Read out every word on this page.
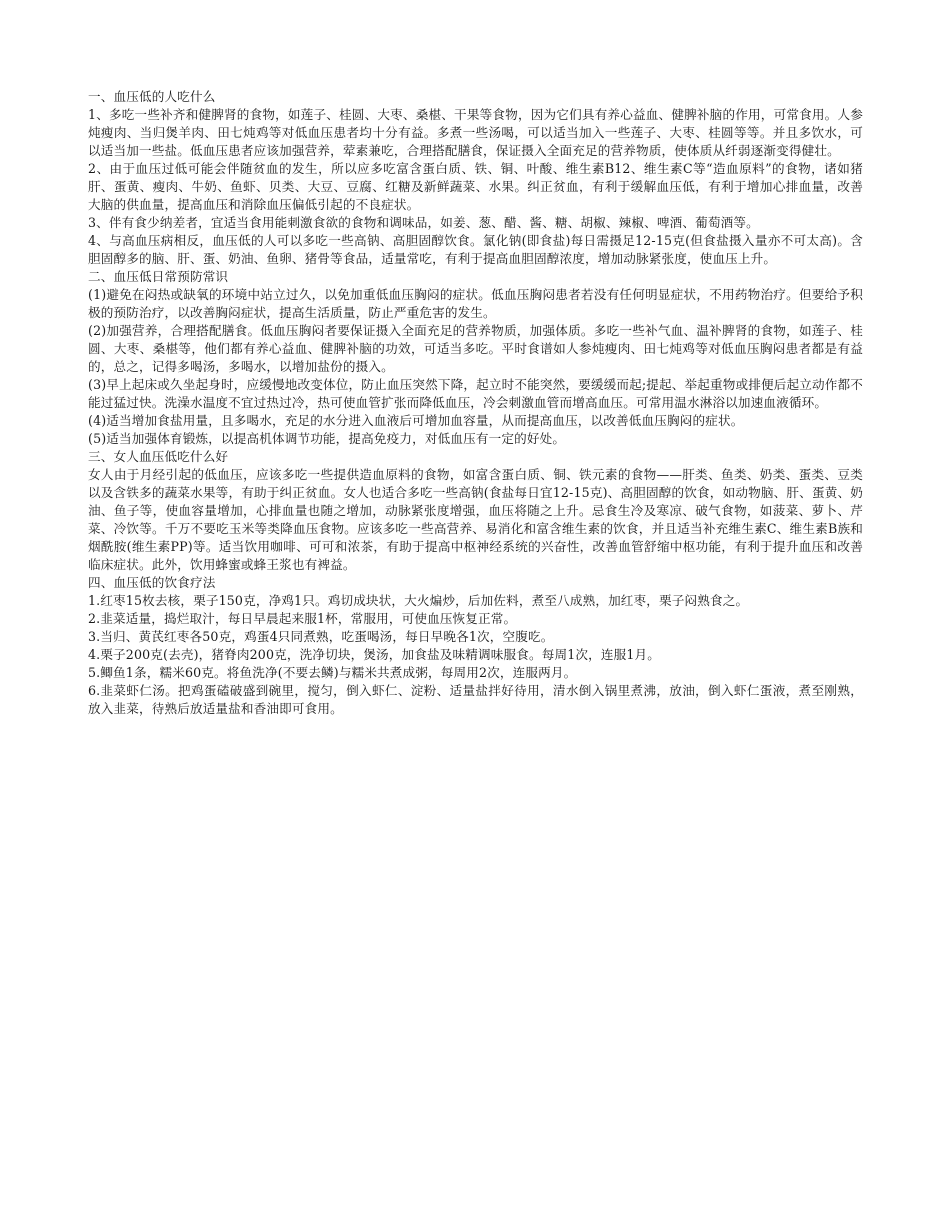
一、血压低的人吃什么

1、多吃一些补齐和健脾肾的食物，如莲子、桂圆、大枣、桑椹、干果等食物，因为它们具有养心益血、健脾补脑的作用，可常食用。人参炖瘦肉、当归煲羊肉、田七炖鸡等对低血压患者均十分有益。多煮一些汤喝，可以适当加入一些莲子、大枣、桂圆等等。并且多饮水，可以适当加一些盐。低血压患者应该加强营养，荤素兼吃，合理搭配膳食，保证摄入全面充足的营养物质，使体质从纤弱逐渐变得健壮。

2、由于血压过低可能会伴随贫血的发生，所以应多吃富含蛋白质、铁、铜、叶酸、维生素B12、维生素C等“造血原料”的食物，诸如猪肝、蛋黄、瘦肉、牛奶、鱼虾、贝类、大豆、豆腐、红糖及新鲜蔬菜、水果。纠正贫血，有利于缓解血压低，有利于增加心排血量，改善大脑的供血量，提高血压和消除血压偏低引起的不良症状。

3、伴有食少纳差者，宜适当食用能刺激食欲的食物和调味品，如姜、葱、醋、酱、糖、胡椒、辣椒、啤酒、葡萄酒等。

4、与高血压病相反，血压低的人可以多吃一些高钠、高胆固醇饮食。氯化钠(即食盐)每日需摄足12-15克(但食盐摄入量亦不可太高)。含胆固醇多的脑、肝、蛋、奶油、鱼卵、猪骨等食品，适量常吃，有利于提高血胆固醇浓度，增加动脉紧张度，使血压上升。

二、血压低日常预防常识

(1)避免在闷热或缺氧的环境中站立过久，以免加重低血压胸闷的症状。低血压胸闷患者若没有任何明显症状，不用药物治疗。但要给予积极的预防治疗，以改善胸闷症状，提高生活质量，防止严重危害的发生。

(2)加强营养，合理搭配膳食。低血压胸闷者要保证摄入全面充足的营养物质，加强体质。多吃一些补气血、温补脾肾的食物，如莲子、桂圆、大枣、桑椹等，他们都有养心益血、健脾补脑的功效，可适当多吃。平时食谱如人参炖瘦肉、田七炖鸡等对低血压胸闷患者都是有益的，总之，记得多喝汤，多喝水，以增加盐份的摄入。

(3)早上起床或久坐起身时，应缓慢地改变体位，防止血压突然下降，起立时不能突然，要缓缓而起;提起、举起重物或排便后起立动作都不能过猛过快。洗澡水温度不宜过热过冷，热可使血管扩张而降低血压，冷会刺激血管而增高血压。可常用温水淋浴以加速血液循环。

(4)适当增加食盐用量，且多喝水，充足的水分进入血液后可增加血容量，从而提高血压，以改善低血压胸闷的症状。

(5)适当加强体育锻炼，以提高机体调节功能，提高免疫力，对低血压有一定的好处。

三、女人血压低吃什么好

女人由于月经引起的低血压，应该多吃一些提供造血原料的食物，如富含蛋白质、铜、铁元素的食物——肝类、鱼类、奶类、蛋类、豆类以及含铁多的蔬菜水果等，有助于纠正贫血。女人也适合多吃一些高钠(食盐每日宜12-15克)、高胆固醇的饮食，如动物脑、肝、蛋黄、奶油、鱼子等，使血容量增加，心排血量也随之增加，动脉紧张度增强，血压将随之上升。忌食生冷及寒凉、破气食物，如菠菜、萝卜、芹菜、冷饮等。千万不要吃玉米等类降血压食物。应该多吃一些高营养、易消化和富含维生素的饮食，并且适当补充维生素C、维生素B族和烟酰胺(维生素PP)等。适当饮用咖啡、可可和浓茶，有助于提高中枢神经系统的兴奋性，改善血管舒缩中枢功能，有利于提升血压和改善临床症状。此外，饮用蜂蜜或蜂王浆也有裨益。

四、血压低的饮食疗法

1.红枣15枚去核，栗子150克，净鸡1只。鸡切成块状，大火煸炒，后加佐料，煮至八成熟，加红枣，栗子闷熟食之。

2.韭菜适量，捣烂取汁，每日早晨起来服1杯，常服用，可使血压恢复正常。

3.当归、黄芪红枣各50克，鸡蛋4只同煮熟，吃蛋喝汤，每日早晚各1次，空腹吃。

4.栗子200克(去壳)，猪脊肉200克，洗净切块，煲汤，加食盐及味精调味服食。每周1次，连服1月。

5.鲫鱼1条，糯米60克。将鱼洗净(不要去鳞)与糯米共煮成粥，每周用2次，连服两月。

6.韭菜虾仁汤。把鸡蛋磕破盛到碗里，搅匀，倒入虾仁、淀粉、适量盐拌好待用，清水倒入锅里煮沸，放油，倒入虾仁蛋液，煮至刚熟，放入韭菜，待熟后放适量盐和香油即可食用。
